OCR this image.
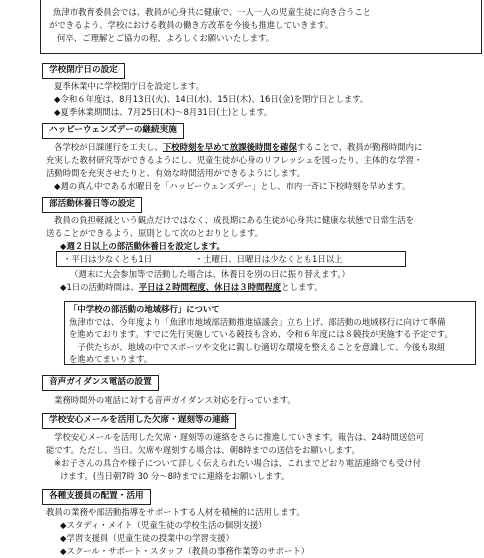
魚津市教育委員会では、教員が心身共に健康で、一人一人の児童生徒に向き合うこと
ができるよう、学校における教員の働き方改革を今後も推進していきます。
何卒、ご理解とご協力の程、よろしくお願いいたします。
学校閉庁日の設定
夏季休業中に学校閉庁日を設定します。
◆令和６年度は、8月13日(火)、14日(水)、15日(木)、16日(金)を閉庁日とします。
◆夏季休業期間は、7月25日(木)～8月31日(土)とします。
ハッピーウェンズデーの継続実施
各学校が日課運行を工夫し、下校時刻を早めて放課後時間を確保することで、教員が勤務時間内に
充実した教材研究等ができるようにし、児童生徒が心身のリフレッシュを図ったり、主体的な学習・
活動時間を充実させたりと、有効な時間活用ができるようにします。
◆週の真ん中である水曜日を「ハッピーウェンズデー」とし、市内一斉に下校時刻を早めます。
部活動休養日等の設定
教員の負担軽減という観点だけではなく、成長期にある生徒が心身共に健康な状態で日常生活を
送ることができるよう、原則として次のとおりとします。
◆週２日以上の部活動休養日を設定します。
・平日は少なくとも1日	・土曜日、日曜日は少なくとも1日以上
（週末に大会参加等で活動した場合は、休養日を別の日に振り替えます。）
◆1日の活動時間は、平日は２時間程度、休日は３時間程度とします。
「中学校の部活動の地域移行」について
魚津市では、今年度より「魚津市地域部活動推進協議会」立ち上げ、部活動の地域移行に向けて準備
を進めております。すでに先行実施している競技も含め、令和６年度には８競技が実施する予定です。
　子供たちが、地域の中でスポーツや文化に親しむ適切な環境を整えることを意識して、今後も取組
を進めてまいります。
音声ガイダンス電話の設置
業務時間外の電話に対する音声ガイダンス対応を行っています。
学校安心メールを活用した欠席・遅刻等の連絡
学校安心メールを活用した欠席・遅刻等の連絡をさらに推進していきます。報告は、24時間送信可
能です。ただし、当日、欠席や遅刻する場合は、朝8時までの送信をお願いします。
※お子さんの具合や様子について詳しく伝えられたい場合は、これまでどおり電話連絡でも受け付
けます。(当日朝7時 30 分～8時までに連絡をお願いします。
各種支援員の配置・活用
教員の業務や部活動指導をサポートする人材を積極的に活用します。
◆スタディ・メイト（児童生徒の学校生活の個別支援）
◆学習支援員（児童生徒の授業中の学習支援）
◆スクール・サポート・スタッフ（教員の事務作業等のサポート）
